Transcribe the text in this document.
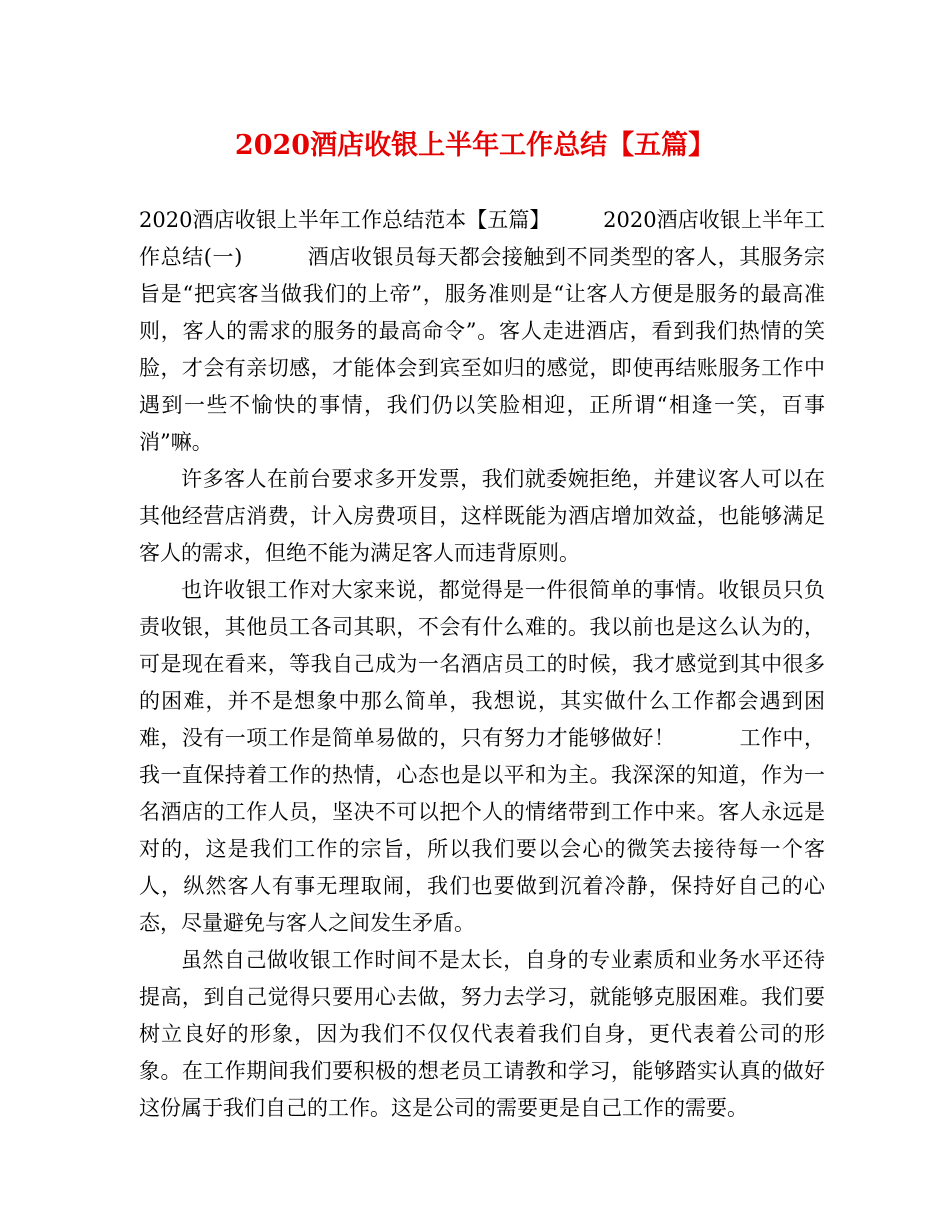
2020酒店收银上半年工作总结【五篇】

2020酒店收银上半年工作总结范本【五篇】　　　2020酒店收银上半年工作总结(一)　　　酒店收银员每天都会接触到不同类型的客人，其服务宗旨是“把宾客当做我们的上帝”，服务准则是“让客人方便是服务的最高准则，客人的需求的服务的最高命令”。客人走进酒店，看到我们热情的笑脸，才会有亲切感，才能体会到宾至如归的感觉，即使再结账服务工作中遇到一些不愉快的事情，我们仍以笑脸相迎，正所谓“相逢一笑，百事消”嘛。

许多客人在前台要求多开发票，我们就委婉拒绝，并建议客人可以在其他经营店消费，计入房费项目，这样既能为酒店增加效益，也能够满足客人的需求，但绝不能为满足客人而违背原则。

也许收银工作对大家来说，都觉得是一件很简单的事情。收银员只负责收银，其他员工各司其职，不会有什么难的。我以前也是这么认为的，可是现在看来，等我自己成为一名酒店员工的时候，我才感觉到其中很多的困难，并不是想象中那么简单，我想说，其实做什么工作都会遇到困难，没有一项工作是简单易做的，只有努力才能够做好！　　　工作中，我一直保持着工作的热情，心态也是以平和为主。我深深的知道，作为一名酒店的工作人员，坚决不可以把个人的情绪带到工作中来。客人永远是对的，这是我们工作的宗旨，所以我们要以会心的微笑去接待每一个客人，纵然客人有事无理取闹，我们也要做到沉着冷静，保持好自己的心态，尽量避免与客人之间发生矛盾。

虽然自己做收银工作时间不是太长，自身的专业素质和业务水平还待提高，到自己觉得只要用心去做，努力去学习，就能够克服困难。我们要树立良好的形象，因为我们不仅仅代表着我们自身，更代表着公司的形象。在工作期间我们要积极的想老员工请教和学习，能够踏实认真的做好这份属于我们自己的工作。这是公司的需要更是自己工作的需要。
